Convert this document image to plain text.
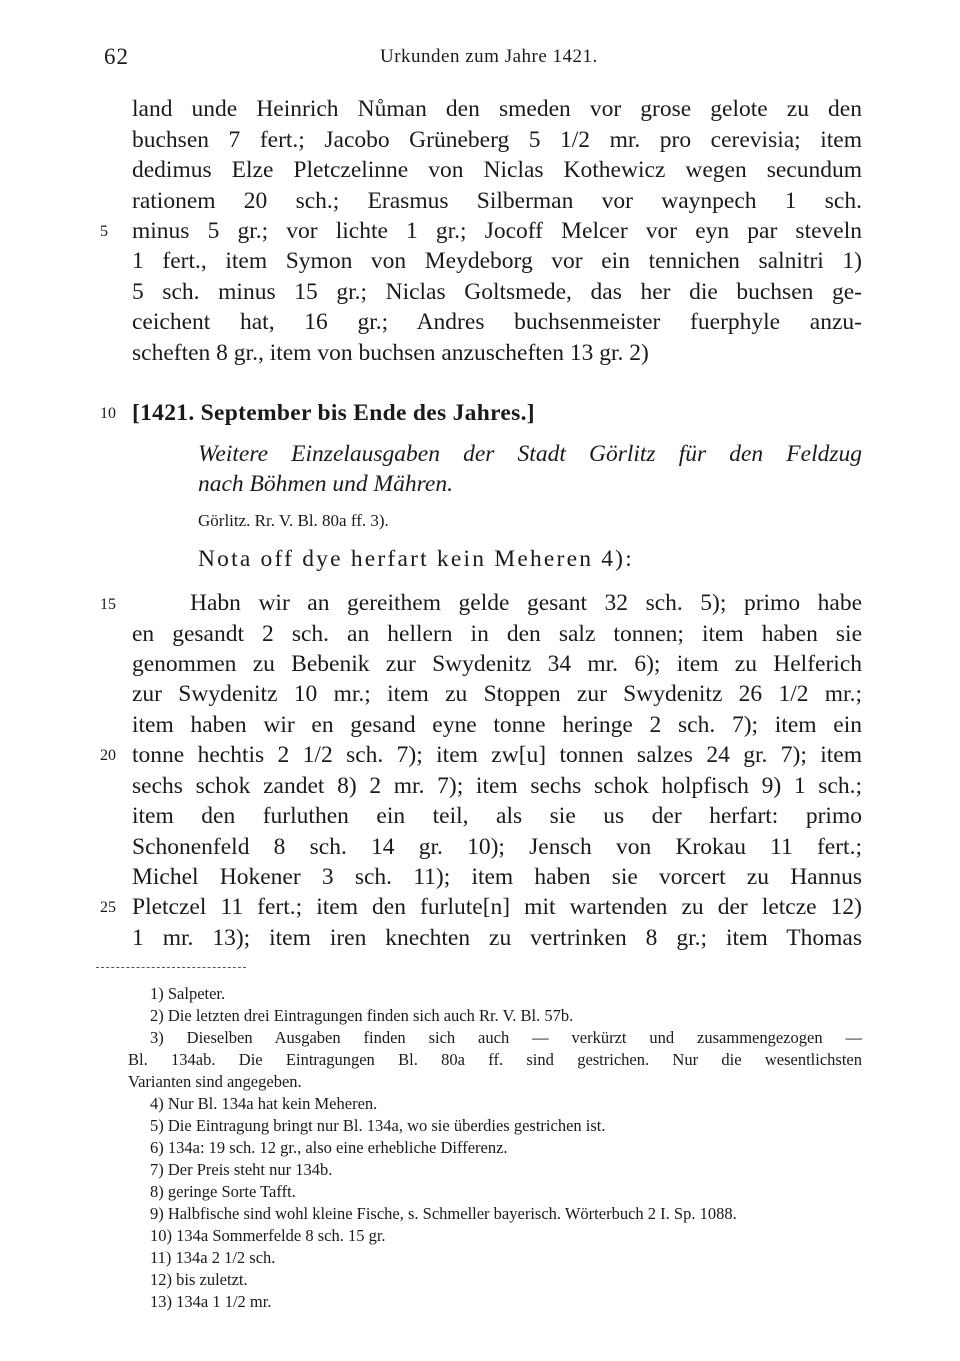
62	Urkunden zum Jahre 1421.
land unde Heinrich Nůman den smeden vor grose gelote zu den
buchsen 7 fert.; Jacobo Grüneberg 5 1/2 mr. pro cerevisia; item
dedimus Elze Pletczelinne von Niclas Kothewicz wegen secundum
rationem 20 sch.; Erasmus Silberman vor waynpech 1 sch.
5 minus 5 gr.; vor lichte 1 gr.; Jocoff Melcer vor eyn par steveln
1 fert., item Symon von Meydeborg vor ein tennichen salnitri 1)
5 sch. minus 15 gr.; Niclas Goltsmede, das her die buchsen ge-
ceichent hat, 16 gr.; Andres buchsenmeister fuerphyle anzu-
scheften 8 gr., item von buchsen anzuscheften 13 gr. 2)
10 [1421. September bis Ende des Jahres.]
Weitere Einzelausgaben der Stadt Görlitz für den Feldzug
nach Böhmen und Mähren.
Görlitz. Rr. V. Bl. 80a ff. 3).
Nota off dye herfart kein Meheren 4):
15	Habn wir an gereithem gelde gesant 32 sch. 5); primo habe
en gesandt 2 sch. an hellern in den salz tonnen; item haben sie
genommen zu Bebenik zur Swydenitz 34 mr. 6); item zu Helferich
zur Swydenitz 10 mr.; item zu Stoppen zur Swydenitz 26 1/2 mr.;
item haben wir en gesand eyne tonne heringe 2 sch. 7); item ein
20 tonne hechtis 2 1/2 sch. 7); item zw[u] tonnen salzes 24 gr. 7); item
sechs schok zandet 8) 2 mr. 7); item sechs schok holpfisch 9) 1 sch.;
item den furluthen ein teil, als sie us der herfart: primo
Schonenfeld 8 sch. 14 gr. 10); Jensch von Krokau 11 fert.;
Michel Hokener 3 sch. 11); item haben sie vorcert zu Hannus
25 Pletczel 11 fert.; item den furlute[n] mit wartenden zu der letcze 12)
1 mr. 13); item iren knechten zu vertrinken 8 gr.; item Thomas
1) Salpeter.
2) Die letzten drei Eintragungen finden sich auch Rr. V. Bl. 57b.
3) Dieselben Ausgaben finden sich auch — verkürzt und zusammengezogen —
Bl. 134ab. Die Eintragungen Bl. 80a ff. sind gestrichen. Nur die wesentlichsten
Varianten sind angegeben.
4) Nur Bl. 134a hat kein Meheren.
5) Die Eintragung bringt nur Bl. 134a, wo sie überdies gestrichen ist.
6) 134a: 19 sch. 12 gr., also eine erhebliche Differenz.
7) Der Preis steht nur 134b.
8) geringe Sorte Tafft.
9) Halbfische sind wohl kleine Fische, s. Schmeller bayerisch. Wörterbuch 2 I. Sp. 1088.
10) 134a Sommerfelde 8 sch. 15 gr.
11) 134a 2 1/2 sch.
12) bis zuletzt.
13) 134a 1 1/2 mr.
